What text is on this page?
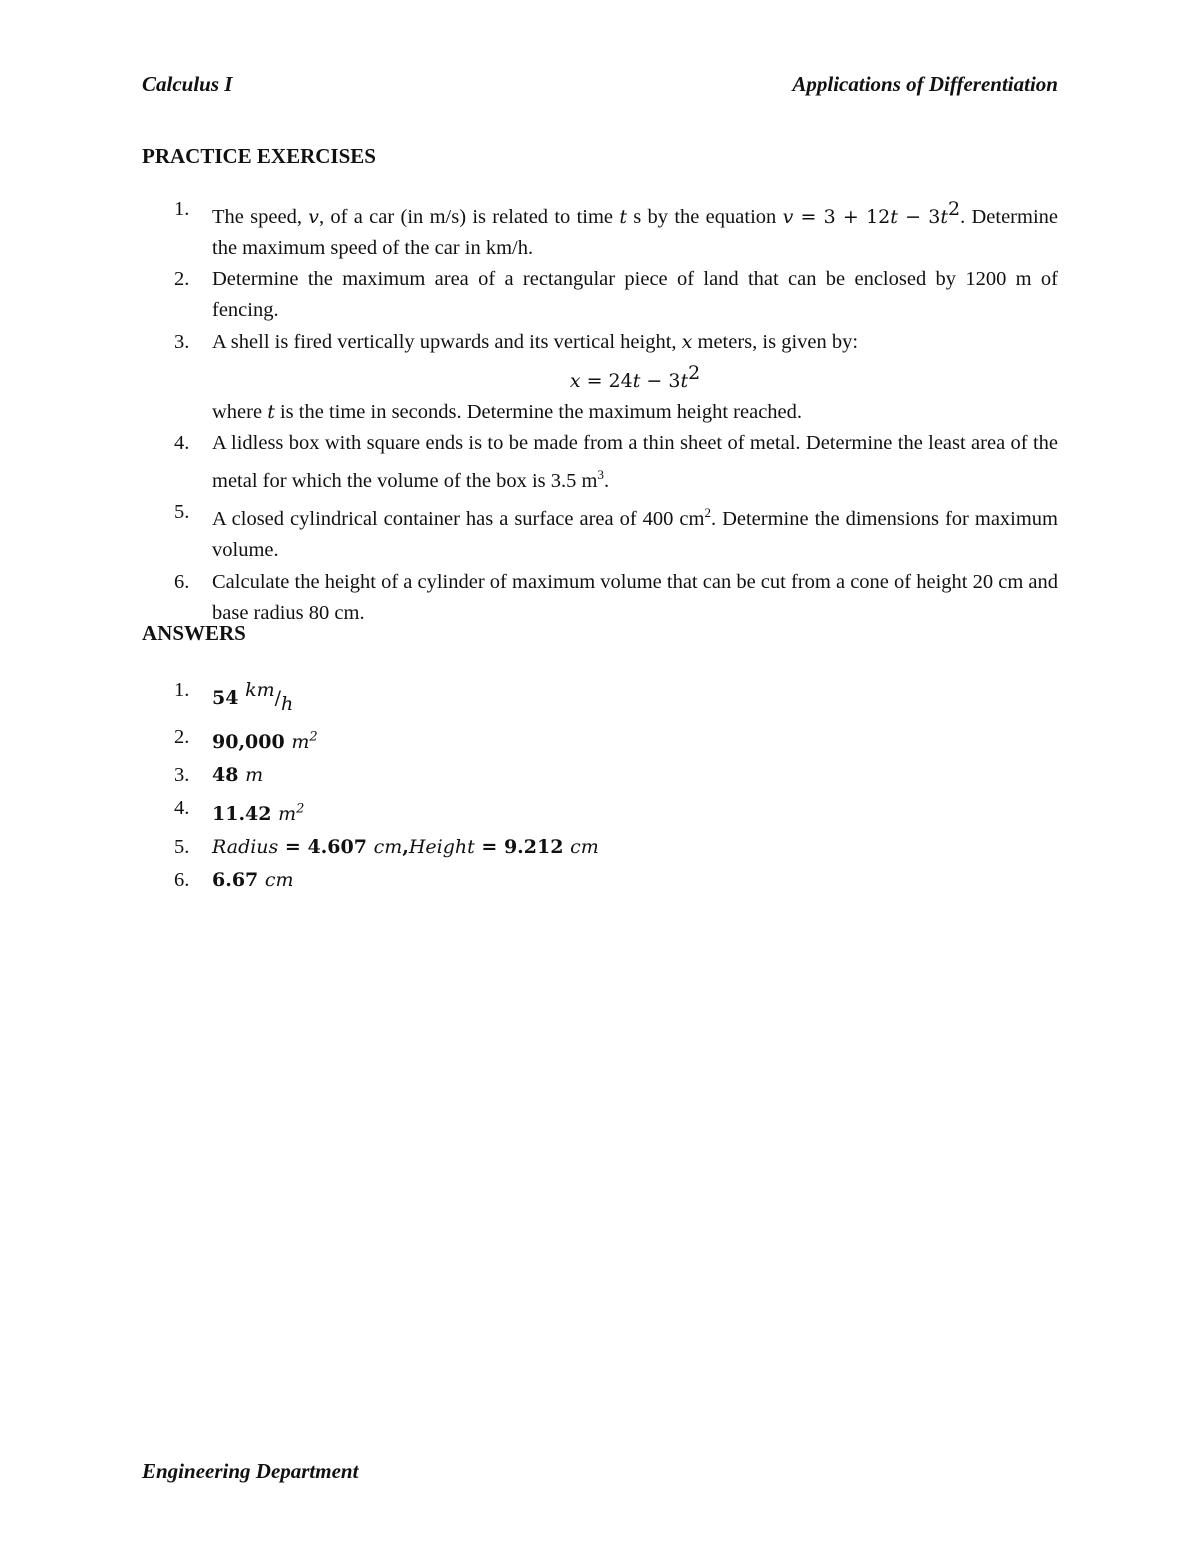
Calculus I	Applications of Differentiation
PRACTICE EXERCISES
1. The speed, v, of a car (in m/s) is related to time t s by the equation $v = 3 + 12t - 3t^2$. Determine the maximum speed of the car in km/h.
2. Determine the maximum area of a rectangular piece of land that can be enclosed by 1200 m of fencing.
3. A shell is fired vertically upwards and its vertical height, x meters, is given by:
$x = 24t - 3t^2$
where t is the time in seconds. Determine the maximum height reached.
4. A lidless box with square ends is to be made from a thin sheet of metal. Determine the least area of the metal for which the volume of the box is 3.5 $m^3$.
5. A closed cylindrical container has a surface area of 400 $cm^2$. Determine the dimensions for maximum volume.
6. Calculate the height of a cylinder of maximum volume that can be cut from a cone of height 20 cm and base radius 80 cm.
ANSWERS
1. 54 km/h
2. 90,000 $m^2$
3. 48 m
4. 11.42 $m^2$
5. Radius = 4.607 cm,Height = 9.212 cm
6. 6.67 cm
Engineering Department
